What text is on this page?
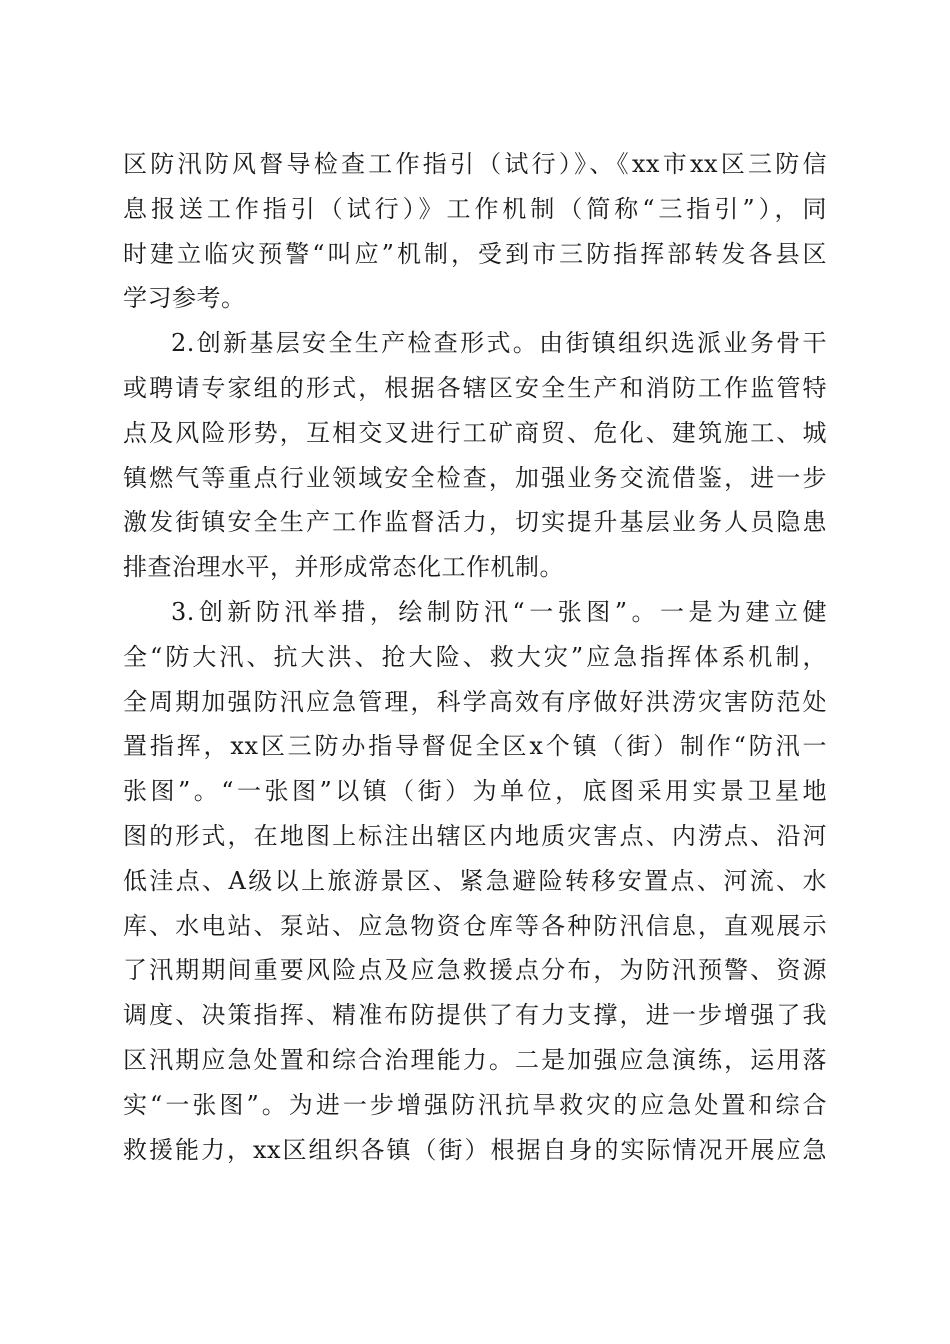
区防汛防风督导检查工作指引（试行）》、《xx市xx区三防信
息报送工作指引（试行）》工作机制（简称“三指引”），同
时建立临灾预警“叫应”机制，受到市三防指挥部转发各县区
学习参考。
2.创新基层安全生产检查形式。由街镇组织选派业务骨干
或聘请专家组的形式，根据各辖区安全生产和消防工作监管特
点及风险形势，互相交叉进行工矿商贸、危化、建筑施工、城
镇燃气等重点行业领域安全检查，加强业务交流借鉴，进一步
激发街镇安全生产工作监督活力，切实提升基层业务人员隐患
排查治理水平，并形成常态化工作机制。
3.创新防汛举措，绘制防汛“一张图”。一是为建立健
全“防大汛、抗大洪、抢大险、救大灾”应急指挥体系机制，
全周期加强防汛应急管理，科学高效有序做好洪涝灾害防范处
置指挥，xx区三防办指导督促全区x个镇（街）制作“防汛一
张图”。“一张图”以镇（街）为单位，底图采用实景卫星地
图的形式，在地图上标注出辖区内地质灾害点、内涝点、沿河
低洼点、A级以上旅游景区、紧急避险转移安置点、河流、水
库、水电站、泵站、应急物资仓库等各种防汛信息，直观展示
了汛期期间重要风险点及应急救援点分布，为防汛预警、资源
调度、决策指挥、精准布防提供了有力支撑，进一步增强了我
区汛期应急处置和综合治理能力。二是加强应急演练，运用落
实“一张图”。为进一步增强防汛抗旱救灾的应急处置和综合
救援能力，xx区组织各镇（街）根据自身的实际情况开展应急
